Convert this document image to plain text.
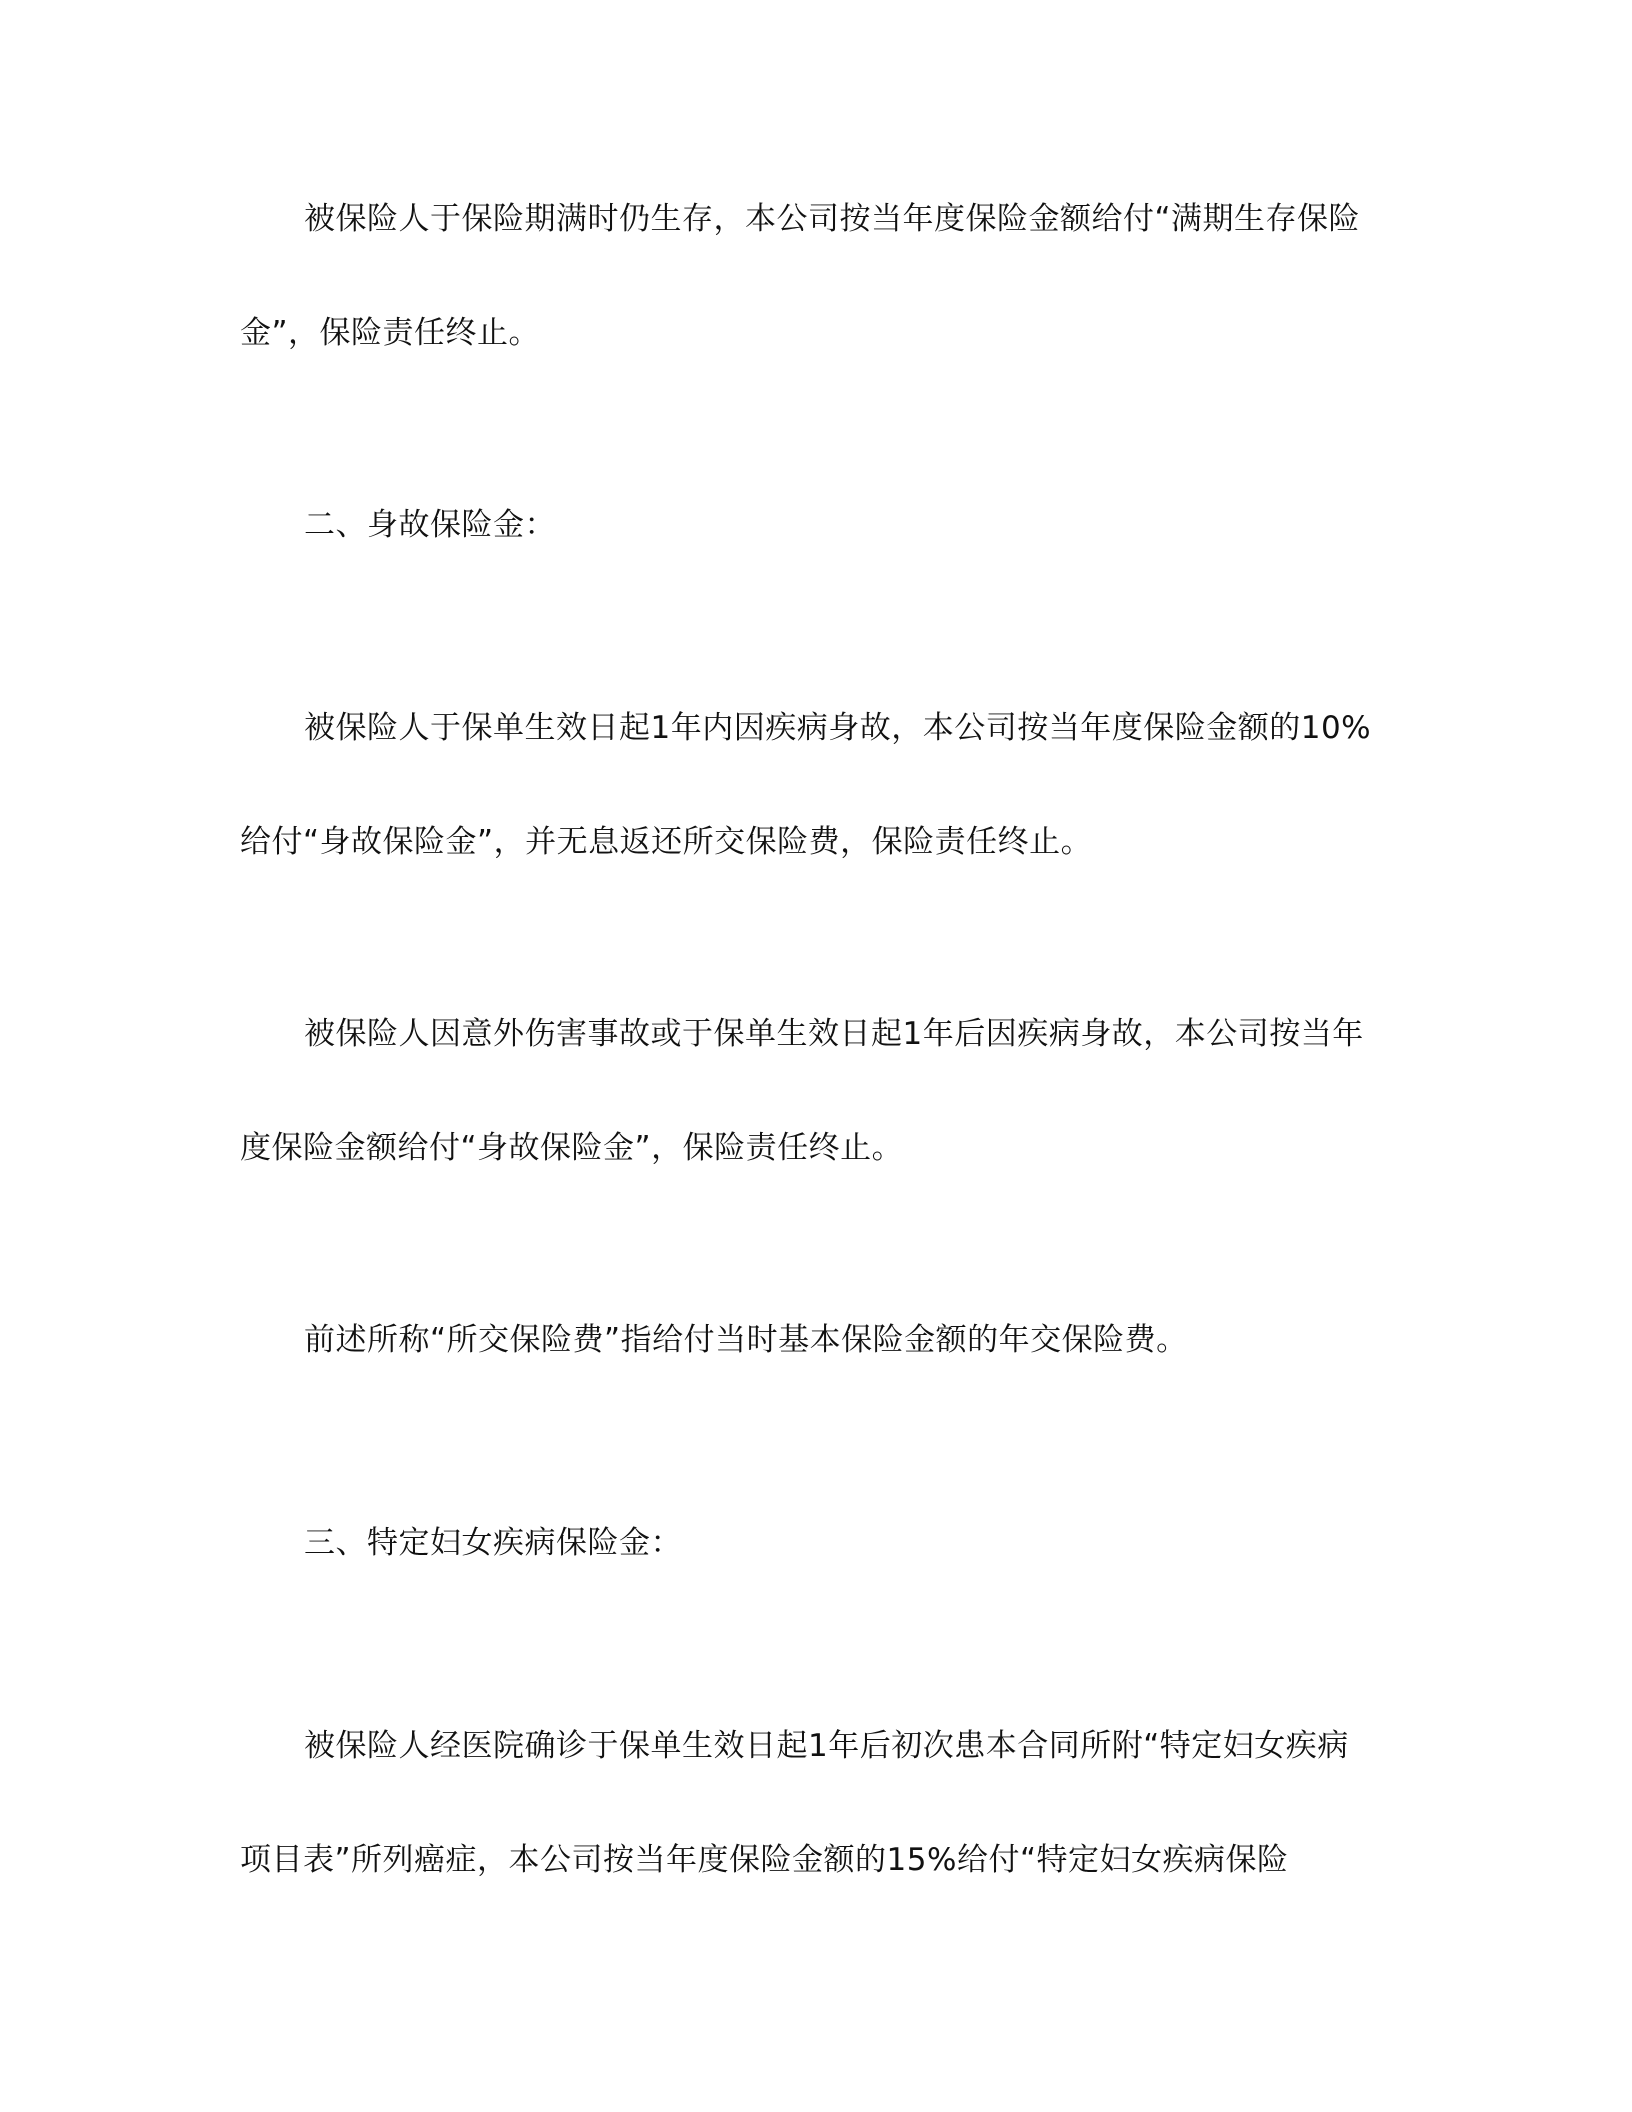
被保险人于保险期满时仍生存，本公司按当年度保险金额给付“满期生存保险
金”，保险责任终止。
二、身故保险金：
被保险人于保单生效日起1年内因疾病身故，本公司按当年度保险金额的10%
给付“身故保险金”，并无息返还所交保险费，保险责任终止。
被保险人因意外伤害事故或于保单生效日起1年后因疾病身故，本公司按当年
度保险金额给付“身故保险金”，保险责任终止。
前述所称“所交保险费”指给付当时基本保险金额的年交保险费。
三、特定妇女疾病保险金：
被保险人经医院确诊于保单生效日起1年后初次患本合同所附“特定妇女疾病
项目表”所列癌症，本公司按当年度保险金额的15%给付“特定妇女疾病保险
